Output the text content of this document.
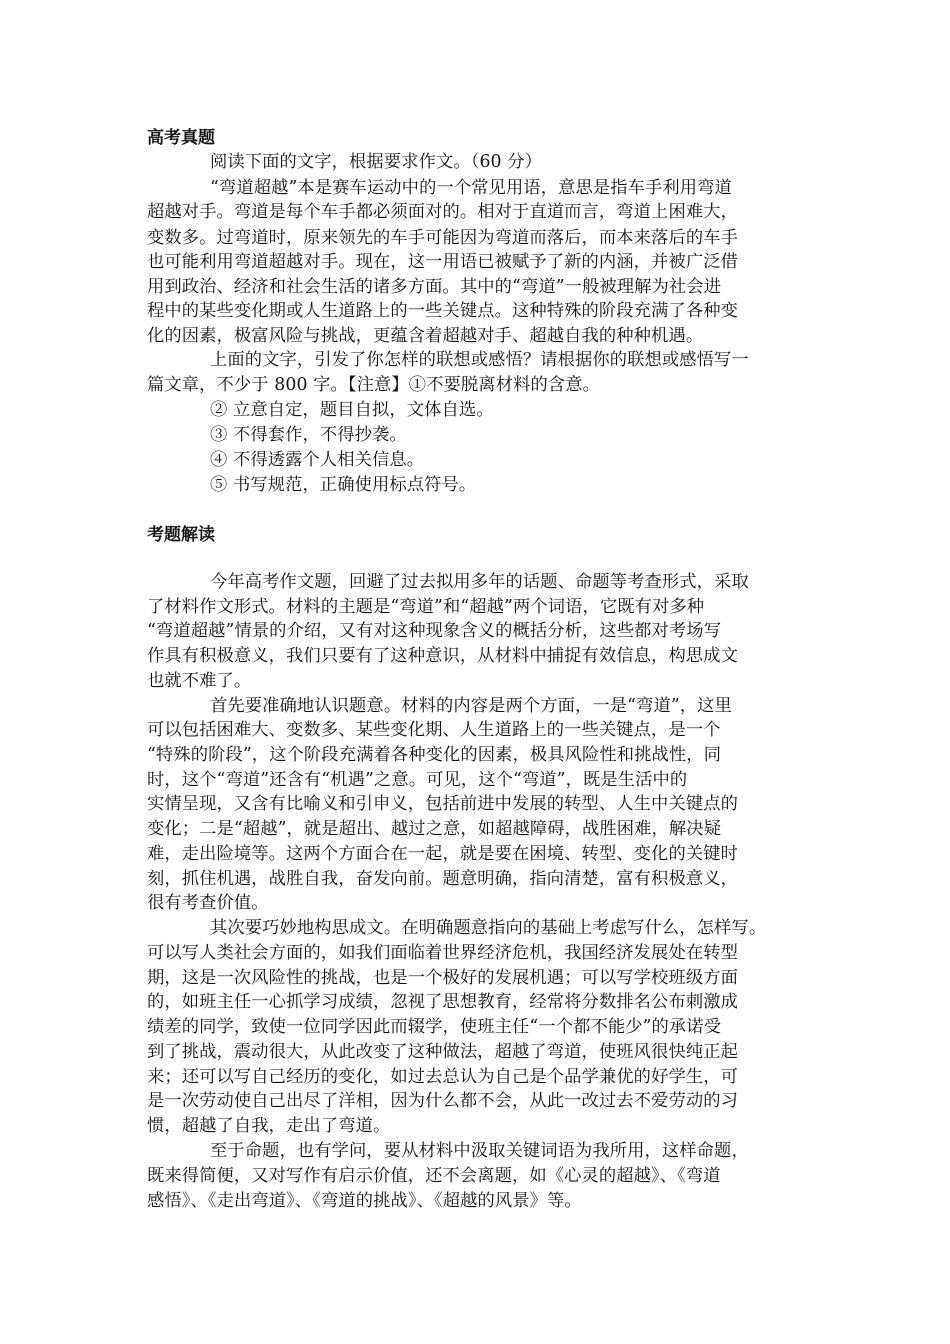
高考真题

阅读下面的文字，根据要求作文。（60 分）

“弯道超越”本是赛车运动中的一个常见用语，意思是指车手利用弯道

超越对手。弯道是每个车手都必须面对的。相对于直道而言，弯道上困难大，

变数多。过弯道时，原来领先的车手可能因为弯道而落后，而本来落后的车手

也可能利用弯道超越对手。现在，这一用语已被赋予了新的内涵，并被广泛借

用到政治、经济和社会生活的诸多方面。其中的“弯道”一般被理解为社会进

程中的某些变化期或人生道路上的一些关键点。这种特殊的阶段充满了各种变

化的因素，极富风险与挑战，更蕴含着超越对手、超越自我的种种机遇。

上面的文字，引发了你怎样的联想或感悟？请根据你的联想或感悟写一

篇文章，不少于 800 字。【注意】①不要脱离材料的含意。

② 立意自定，题目自拟，文体自选。

③ 不得套作，不得抄袭。

④ 不得透露个人相关信息。

⑤ 书写规范，正确使用标点符号。

考题解读

今年高考作文题，回避了过去拟用多年的话题、命题等考查形式，采取

了材料作文形式。材料的主题是“弯道”和“超越”两个词语，它既有对多种

“弯道超越”情景的介绍，又有对这种现象含义的概括分析，这些都对考场写

作具有积极意义，我们只要有了这种意识，从材料中捕捉有效信息，构思成文

也就不难了。

首先要准确地认识题意。材料的内容是两个方面，一是“弯道”，这里

可以包括困难大、变数多、某些变化期、人生道路上的一些关键点，是一个

“特殊的阶段”，这个阶段充满着各种变化的因素，极具风险性和挑战性，同

时，这个“弯道”还含有“机遇”之意。可见，这个“弯道”，既是生活中的

实情呈现，又含有比喻义和引申义，包括前进中发展的转型、人生中关键点的

变化；二是“超越”，就是超出、越过之意，如超越障碍，战胜困难，解决疑

难，走出险境等。这两个方面合在一起，就是要在困境、转型、变化的关键时

刻，抓住机遇，战胜自我，奋发向前。题意明确，指向清楚，富有积极意义，

很有考查价值。

其次要巧妙地构思成文。在明确题意指向的基础上考虑写什么，怎样写。

可以写人类社会方面的，如我们面临着世界经济危机，我国经济发展处在转型

期，这是一次风险性的挑战，也是一个极好的发展机遇；可以写学校班级方面

的，如班主任一心抓学习成绩，忽视了思想教育，经常将分数排名公布刺激成

绩差的同学，致使一位同学因此而辍学，使班主任“一个都不能少”的承诺受

到了挑战，震动很大，从此改变了这种做法，超越了弯道，使班风很快纯正起

来；还可以写自己经历的变化，如过去总认为自己是个品学兼优的好学生，可

是一次劳动使自己出尽了洋相，因为什么都不会，从此一改过去不爱劳动的习

惯，超越了自我，走出了弯道。

至于命题，也有学问，要从材料中汲取关键词语为我所用，这样命题，

既来得简便，又对写作有启示价值，还不会离题，如《心灵的超越》、《弯道

感悟》、《走出弯道》、《弯道的挑战》、《超越的风景》等。
